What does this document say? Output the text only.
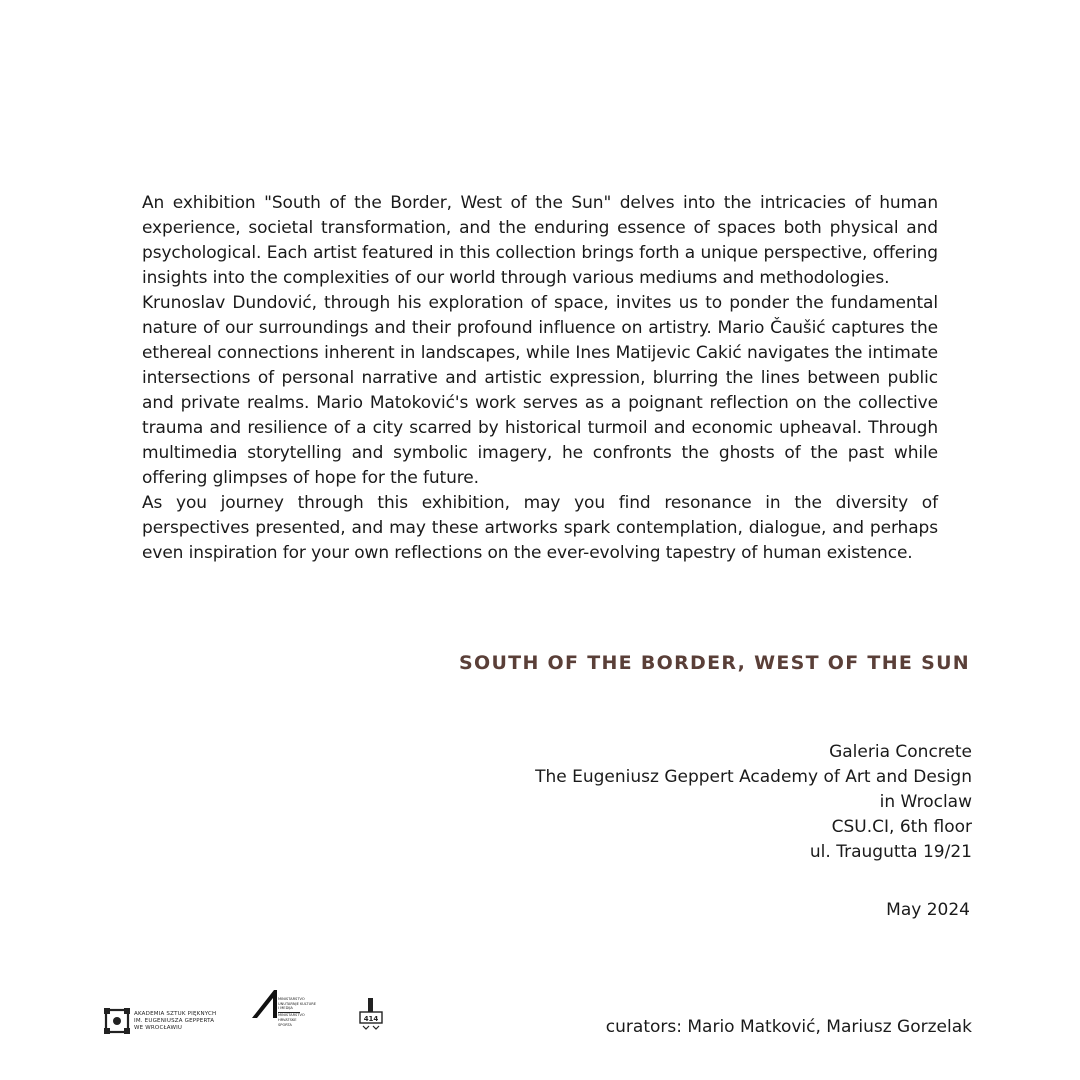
An exhibition "South of the Border, West of the Sun" delves into the intricacies of human experience, societal transformation, and the enduring essence of spaces both physical and psychological. Each artist featured in this collection brings forth a unique perspective, offering insights into the complexities of our world through various mediums and methodologies.

Krunoslav Dundović, through his exploration of space, invites us to ponder the fundamental nature of our surroundings and their profound influence on artistry. Mario Čaušić captures the ethereal connections inherent in landscapes, while Ines Matijevic Cakić navigates the intimate intersections of personal narrative and artistic expression, blurring the lines between public and private realms. Mario Matoković's work serves as a poignant reflection on the collective trauma and resilience of a city scarred by historical turmoil and economic upheaval. Through multimedia storytelling and symbolic imagery, he confronts the ghosts of the past while offering glimpses of hope for the future.

As you journey through this exhibition, may you find resonance in the diversity of perspectives presented, and may these artworks spark contemplation, dialogue, and perhaps even inspiration for your own reflections on the ever-evolving tapestry of human existence.

SOUTH OF THE BORDER, WEST OF THE SUN
Galeria Concrete
The Eugeniusz Geppert Academy of Art and Design
in Wroclaw
CSU.CI, 6th floor
ul. Traugutta 19/21
May 2024
curators: Mario Matković, Mariusz Gorzelak
AKADEMIA SZTUK PIĘKNYCH
IM. EUGENIUSZA GEPPERTA
WE WROCŁAWIU
MINISTARSTVO
UNUTARNJE KULTURE
I MEDIJA
MINISTARSTVO
HRVATSKE
SPORTA
414
